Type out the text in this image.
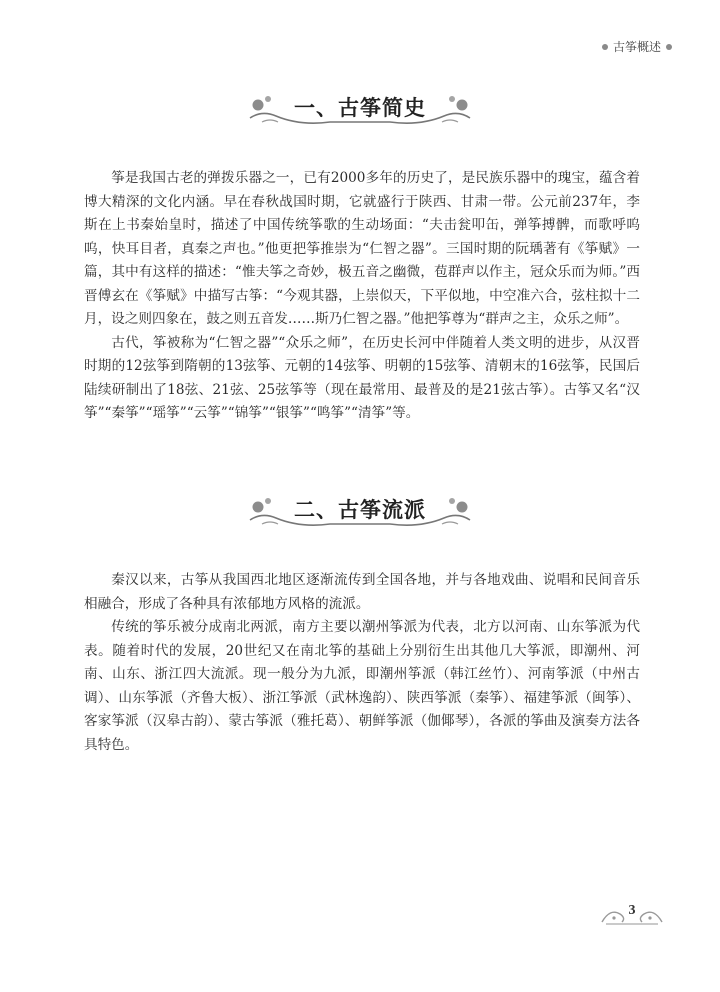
古筝概述
一、古筝简史

筝是我国古老的弹拨乐器之一，已有2000多年的历史了，是民族乐器中的瑰宝，蕴含着博大精深的文化内涵。早在春秋战国时期，它就盛行于陕西、甘肃一带。公元前237年，李斯在上书秦始皇时，描述了中国传统筝歌的生动场面：“夫击瓮叩缶，弹筝搏髀，而歌呼呜呜，快耳目者，真秦之声也。”他更把筝推崇为“仁智之器”。三国时期的阮瑀著有《筝赋》一篇，其中有这样的描述：“惟夫筝之奇妙，极五音之幽微，苞群声以作主，冠众乐而为师。”西晋傅玄在《筝赋》中描写古筝：“今观其器，上崇似天，下平似地，中空准六合，弦柱拟十二月，设之则四象在，鼓之则五音发……斯乃仁智之器。”他把筝尊为“群声之主，众乐之师”。

古代，筝被称为“仁智之器”“众乐之师”，在历史长河中伴随着人类文明的进步，从汉晋时期的12弦筝到隋朝的13弦筝、元朝的14弦筝、明朝的15弦筝、清朝末的16弦筝，民国后陆续研制出了18弦、21弦、25弦筝等（现在最常用、最普及的是21弦古筝）。古筝又名“汉筝”“秦筝”“瑶筝”“云筝”“锦筝”“银筝”“鸣筝”“清筝”等。

二、古筝流派

秦汉以来，古筝从我国西北地区逐渐流传到全国各地，并与各地戏曲、说唱和民间音乐相融合，形成了各种具有浓郁地方风格的流派。

传统的筝乐被分成南北两派，南方主要以潮州筝派为代表，北方以河南、山东筝派为代表。随着时代的发展，20世纪又在南北筝的基础上分别衍生出其他几大筝派，即潮州、河南、山东、浙江四大流派。现一般分为九派，即潮州筝派（韩江丝竹）、河南筝派（中州古调）、山东筝派（齐鲁大板）、浙江筝派（武林逸韵）、陕西筝派（秦筝）、福建筝派（闽筝）、客家筝派（汉皋古韵）、蒙古筝派（雅托葛）、朝鲜筝派（伽倻琴），各派的筝曲及演奏方法各具特色。

3
